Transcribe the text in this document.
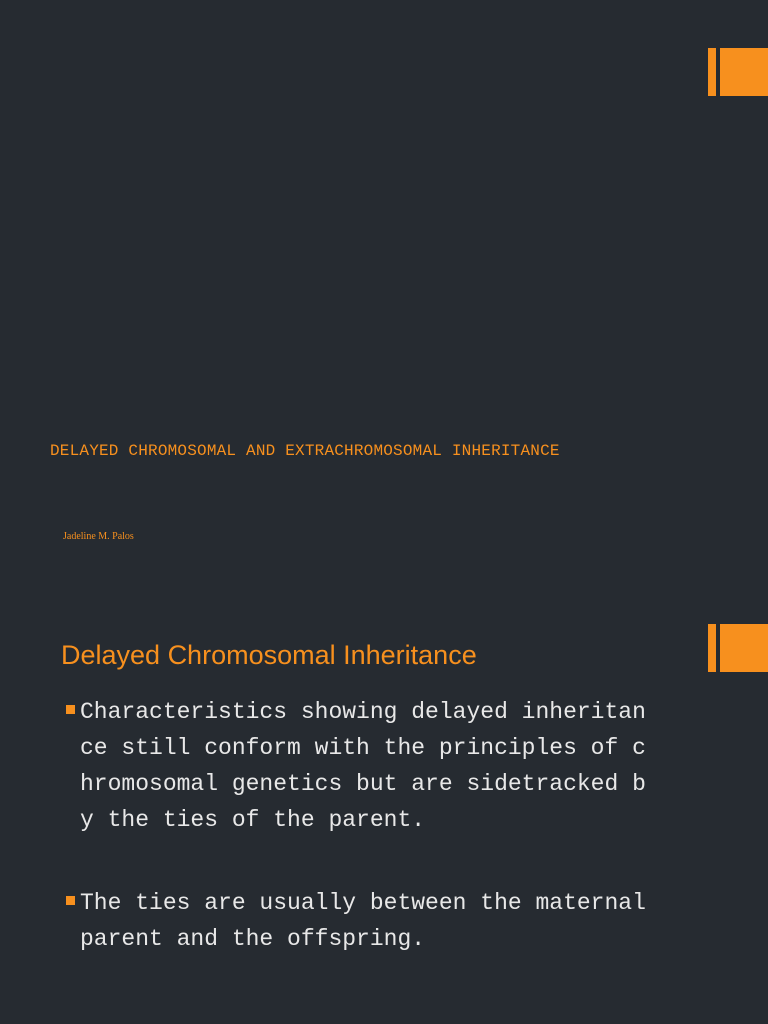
DELAYED CHROMOSOMAL AND EXTRACHROMOSOMAL INHERITANCE
Jadeline M. Palos
Delayed Chromosomal Inheritance
Characteristics showing delayed inheritan
ce still conform with the principles of c
hromosomal genetics but are sidetracked b
y the ties of the parent.
The ties are usually between the maternal
parent and the offspring.
